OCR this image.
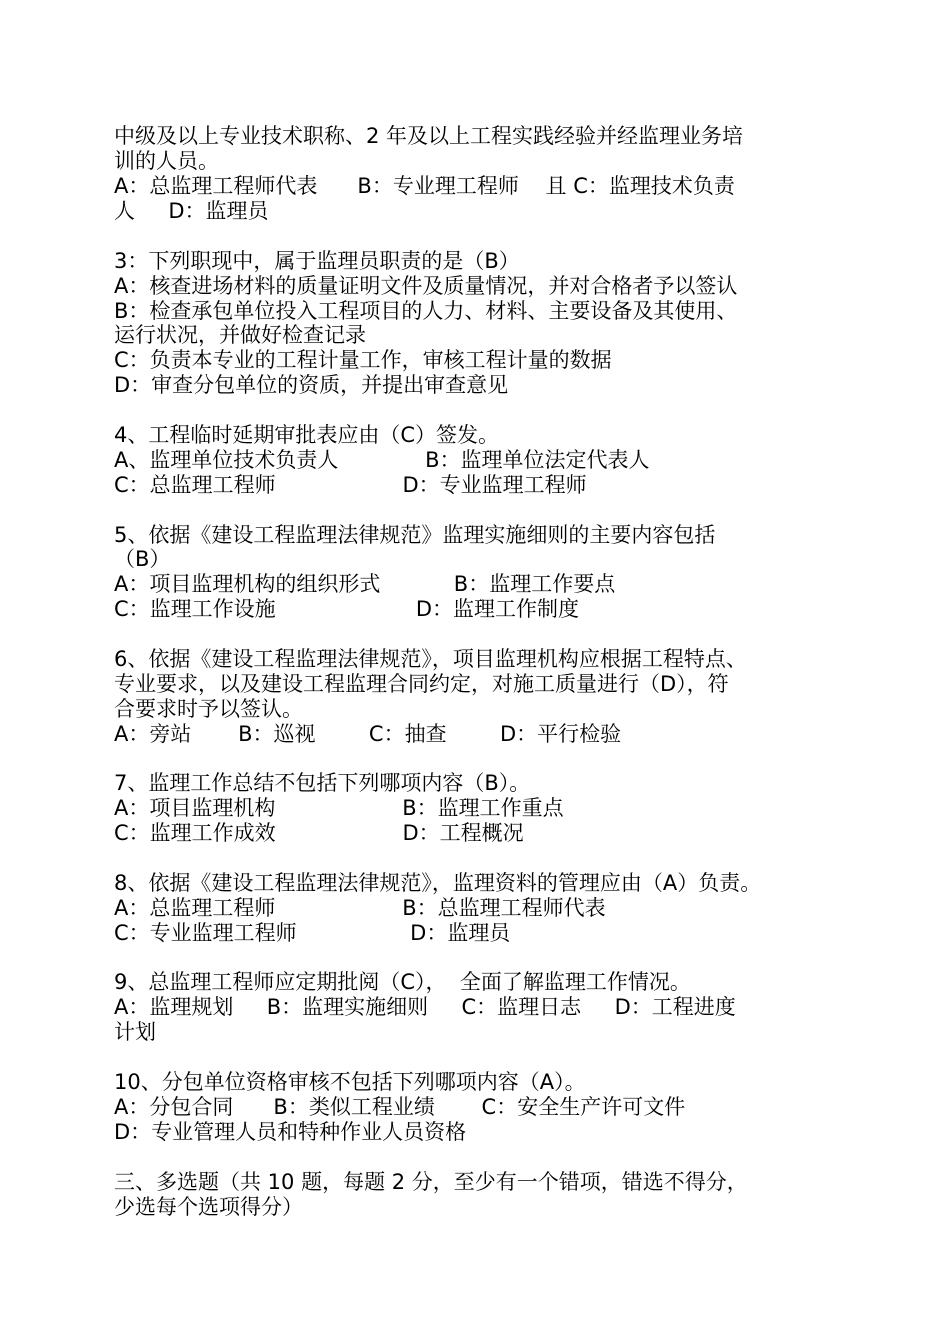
中级及以上专业技术职称、2 年及以上工程实践经验并经监理业务培
训的人员。
A：总监理工程师代表      B：专业理工程师    且 C：监理技术负责
人     D：监理员
3：下列职现中，属于监理员职责的是（B）
A：核查进场材料的质量证明文件及质量情况，并对合格者予以签认
B：检查承包单位投入工程项目的人力、材料、主要设备及其使用、
运行状况，并做好检查记录
C：负责本专业的工程计量工作，审核工程计量的数据
D：审查分包单位的资质，并提出审查意见
4、工程临时延期审批表应由（C）签发。
A、监理单位技术负责人             B：监理单位法定代表人
C：总监理工程师                   D：专业监理工程师
5、依据《建设工程监理法律规范》监理实施细则的主要内容包括
（B）
A：项目监理机构的组织形式           B：监理工作要点
C：监理工作设施                     D：监理工作制度
6、依据《建设工程监理法律规范》，项目监理机构应根据工程特点、
专业要求，以及建设工程监理合同约定，对施工质量进行（D），符
合要求时予以签认。
A：旁站       B：巡视        C：抽查        D：平行检验
7、监理工作总结不包括下列哪项内容（B）。
A：项目监理机构                   B：监理工作重点
C：监理工作成效                   D：工程概况
8、依据《建设工程监理法律规范》，监理资料的管理应由（A）负责。
A：总监理工程师                   B：总监理工程师代表
C：专业监理工程师                 D：监理员
9、总监理工程师应定期批阅（C），  全面了解监理工作情况。
A：监理规划     B：监理实施细则     C：监理日志     D：工程进度
计划
10、分包单位资格审核不包括下列哪项内容（A）。
A：分包合同      B：类似工程业绩       C：安全生产许可文件
D：专业管理人员和特种作业人员资格
三、多选题（共 10 题，每题 2 分，至少有一个错项，错选不得分，
少选每个选项得分）
